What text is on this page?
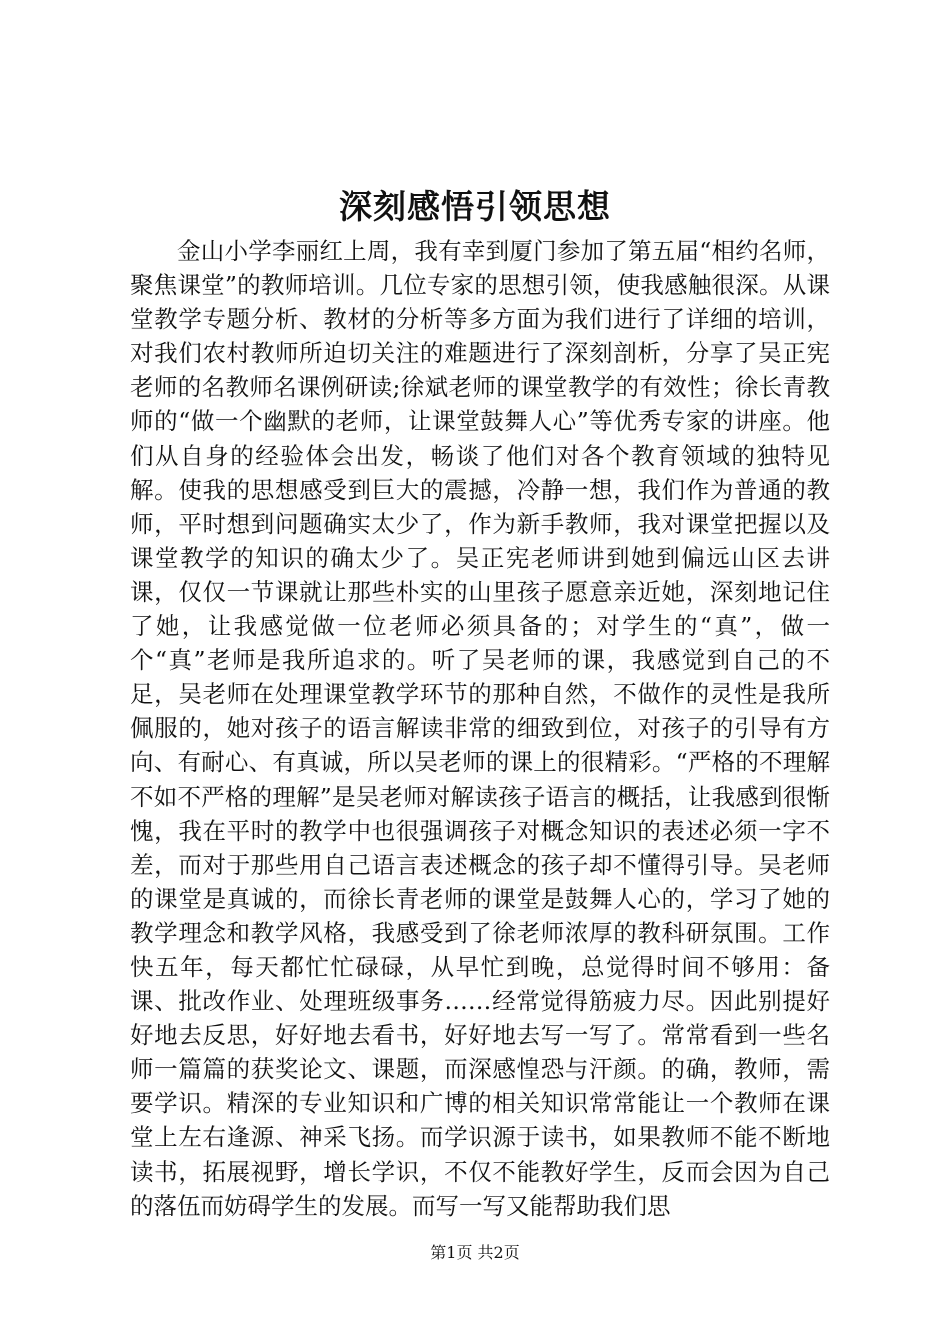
深刻感悟引领思想

金山小学李丽红上周，我有幸到厦门参加了第五届“相约名师，聚焦课堂”的教师培训。几位专家的思想引领，使我感触很深。从课堂教学专题分析、教材的分析等多方面为我们进行了详细的培训，对我们农村教师所迫切关注的难题进行了深刻剖析，分享了吴正宪老师的名教师名课例研读;徐斌老师的课堂教学的有效性；徐长青教师的“做一个幽默的老师，让课堂鼓舞人心”等优秀专家的讲座。他们从自身的经验体会出发，畅谈了他们对各个教育领域的独特见解。使我的思想感受到巨大的震撼，冷静一想，我们作为普通的教师，平时想到问题确实太少了，作为新手教师，我对课堂把握以及课堂教学的知识的确太少了。吴正宪老师讲到她到偏远山区去讲课，仅仅一节课就让那些朴实的山里孩子愿意亲近她，深刻地记住了她，让我感觉做一位老师必须具备的；对学生的“真”，做一个“真”老师是我所追求的。听了吴老师的课，我感觉到自己的不足，吴老师在处理课堂教学环节的那种自然，不做作的灵性是我所佩服的，她对孩子的语言解读非常的细致到位，对孩子的引导有方向、有耐心、有真诚，所以吴老师的课上的很精彩。“严格的不理解不如不严格的理解”是吴老师对解读孩子语言的概括，让我感到很惭愧，我在平时的教学中也很强调孩子对概念知识的表述必须一字不差，而对于那些用自己语言表述概念的孩子却不懂得引导。吴老师的课堂是真诚的，而徐长青老师的课堂是鼓舞人心的，学习了她的教学理念和教学风格，我感受到了徐老师浓厚的教科研氛围。工作快五年，每天都忙忙碌碌，从早忙到晚，总觉得时间不够用：备课、批改作业、处理班级事务……经常觉得筋疲力尽。因此别提好好地去反思，好好地去看书，好好地去写一写了。常常看到一些名师一篇篇的获奖论文、课题，而深感惶恐与汗颜。的确，教师，需要学识。精深的专业知识和广博的相关知识常常能让一个教师在课堂上左右逢源、神采飞扬。而学识源于读书，如果教师不能不断地读书，拓展视野，增长学识，不仅不能教好学生，反而会因为自己的落伍而妨碍学生的发展。而写一写又能帮助我们思

第1页 共2页
